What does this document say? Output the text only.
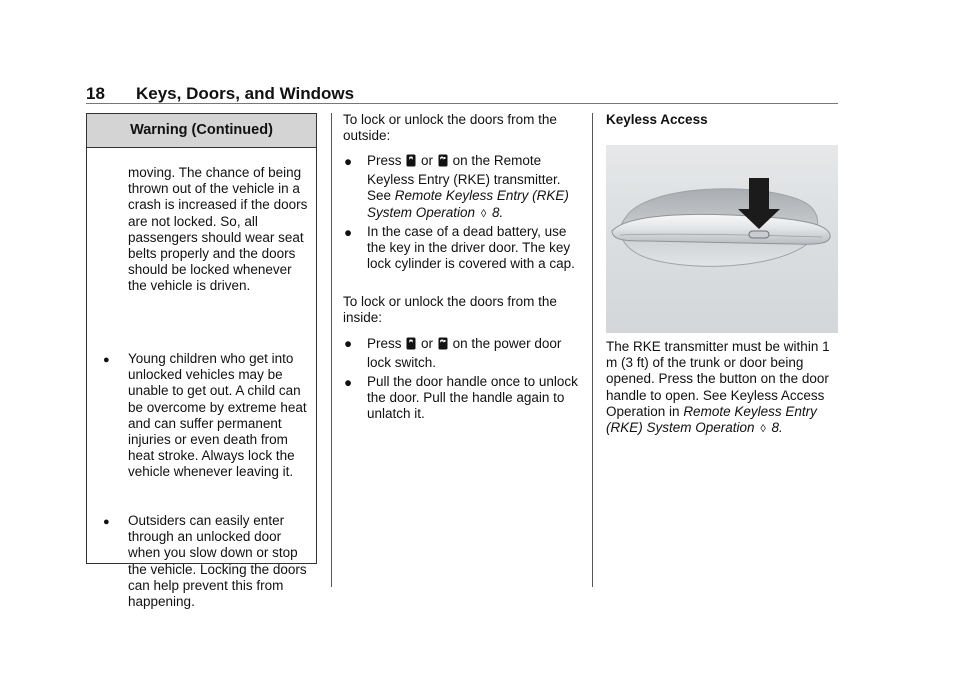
18 Keys, Doors, and Windows
Warning (Continued)
moving. The chance of being thrown out of the vehicle in a crash is increased if the doors are not locked. So, all passengers should wear seat belts properly and the doors should be locked whenever the vehicle is driven.
● Young children who get into unlocked vehicles may be unable to get out. A child can be overcome by extreme heat and can suffer permanent injuries or even death from heat stroke. Always lock the vehicle whenever leaving it.
● Outsiders can easily enter through an unlocked door when you slow down or stop the vehicle. Locking the doors can help prevent this from happening.
To lock or unlock the doors from the outside:
● Press or on the Remote Keyless Entry (RKE) transmitter. See Remote Keyless Entry (RKE) System Operation ◊ 8.
● In the case of a dead battery, use the key in the driver door. The key lock cylinder is covered with a cap.
To lock or unlock the doors from the inside:
● Press or on the power door lock switch.
● Pull the door handle once to unlock the door. Pull the handle again to unlatch it.
Keyless Access
The RKE transmitter must be within 1 m (3 ft) of the trunk or door being opened. Press the button on the door handle to open. See Keyless Access Operation in Remote Keyless Entry (RKE) System Operation ◊ 8.
